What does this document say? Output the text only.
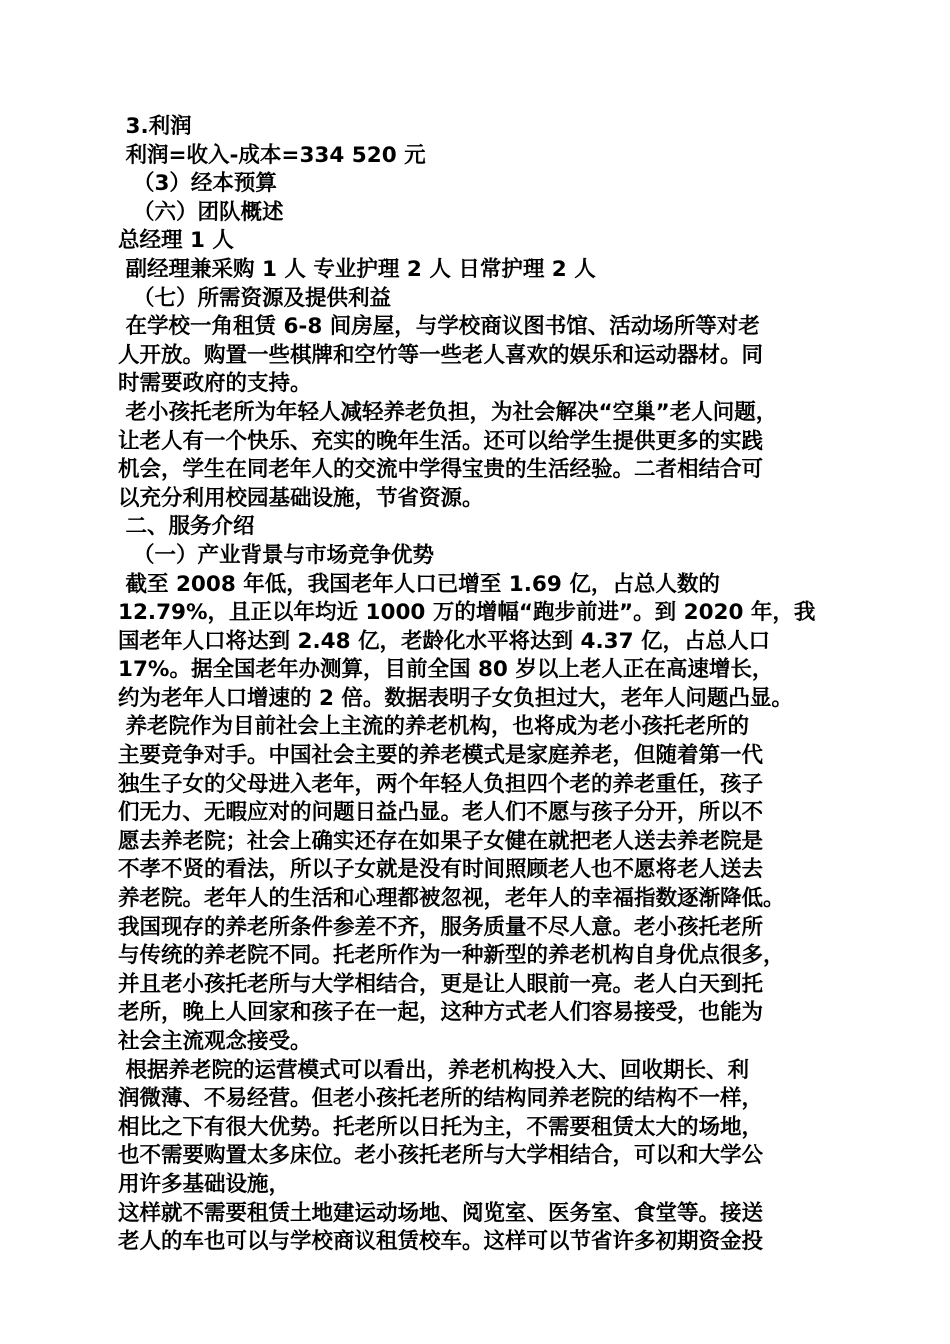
3.利润
利润=收入-成本=334 520 元
（3）经本预算
（六）团队概述
总经理 1 人
副经理兼采购 1 人 专业护理 2 人 日常护理 2 人
（七）所需资源及提供利益
在学校一角租赁 6-8 间房屋，与学校商议图书馆、活动场所等对老
人开放。购置一些棋牌和空竹等一些老人喜欢的娱乐和运动器材。同
时需要政府的支持。
老小孩托老所为年轻人减轻养老负担，为社会解决“空巢”老人问题，
让老人有一个快乐、充实的晚年生活。还可以给学生提供更多的实践
机会，学生在同老年人的交流中学得宝贵的生活经验。二者相结合可
以充分利用校园基础设施，节省资源。
二、服务介绍
（一）产业背景与市场竞争优势
截至 2008 年低，我国老年人口已增至 1.69 亿，占总人数的
12.79%，且正以年均近 1000 万的增幅“跑步前进”。到 2020 年，我
国老年人口将达到 2.48 亿，老龄化水平将达到 4.37 亿，占总人口
17%。据全国老年办测算，目前全国 80 岁以上老人正在高速增长，
约为老年人口增速的 2 倍。数据表明子女负担过大，老年人问题凸显。
养老院作为目前社会上主流的养老机构，也将成为老小孩托老所的
主要竞争对手。中国社会主要的养老模式是家庭养老，但随着第一代
独生子女的父母进入老年，两个年轻人负担四个老的养老重任，孩子
们无力、无暇应对的问题日益凸显。老人们不愿与孩子分开，所以不
愿去养老院；社会上确实还存在如果子女健在就把老人送去养老院是
不孝不贤的看法，所以子女就是没有时间照顾老人也不愿将老人送去
养老院。老年人的生活和心理都被忽视，老年人的幸福指数逐渐降低。
我国现存的养老所条件参差不齐，服务质量不尽人意。老小孩托老所
与传统的养老院不同。托老所作为一种新型的养老机构自身优点很多，
并且老小孩托老所与大学相结合，更是让人眼前一亮。老人白天到托
老所，晚上人回家和孩子在一起，这种方式老人们容易接受，也能为
社会主流观念接受。
根据养老院的运营模式可以看出，养老机构投入大、回收期长、利
润微薄、不易经营。但老小孩托老所的结构同养老院的结构不一样，
相比之下有很大优势。托老所以日托为主，不需要租赁太大的场地，
也不需要购置太多床位。老小孩托老所与大学相结合，可以和大学公
用许多基础设施，
这样就不需要租赁土地建运动场地、阅览室、医务室、食堂等。接送
老人的车也可以与学校商议租赁校车。这样可以节省许多初期资金投
